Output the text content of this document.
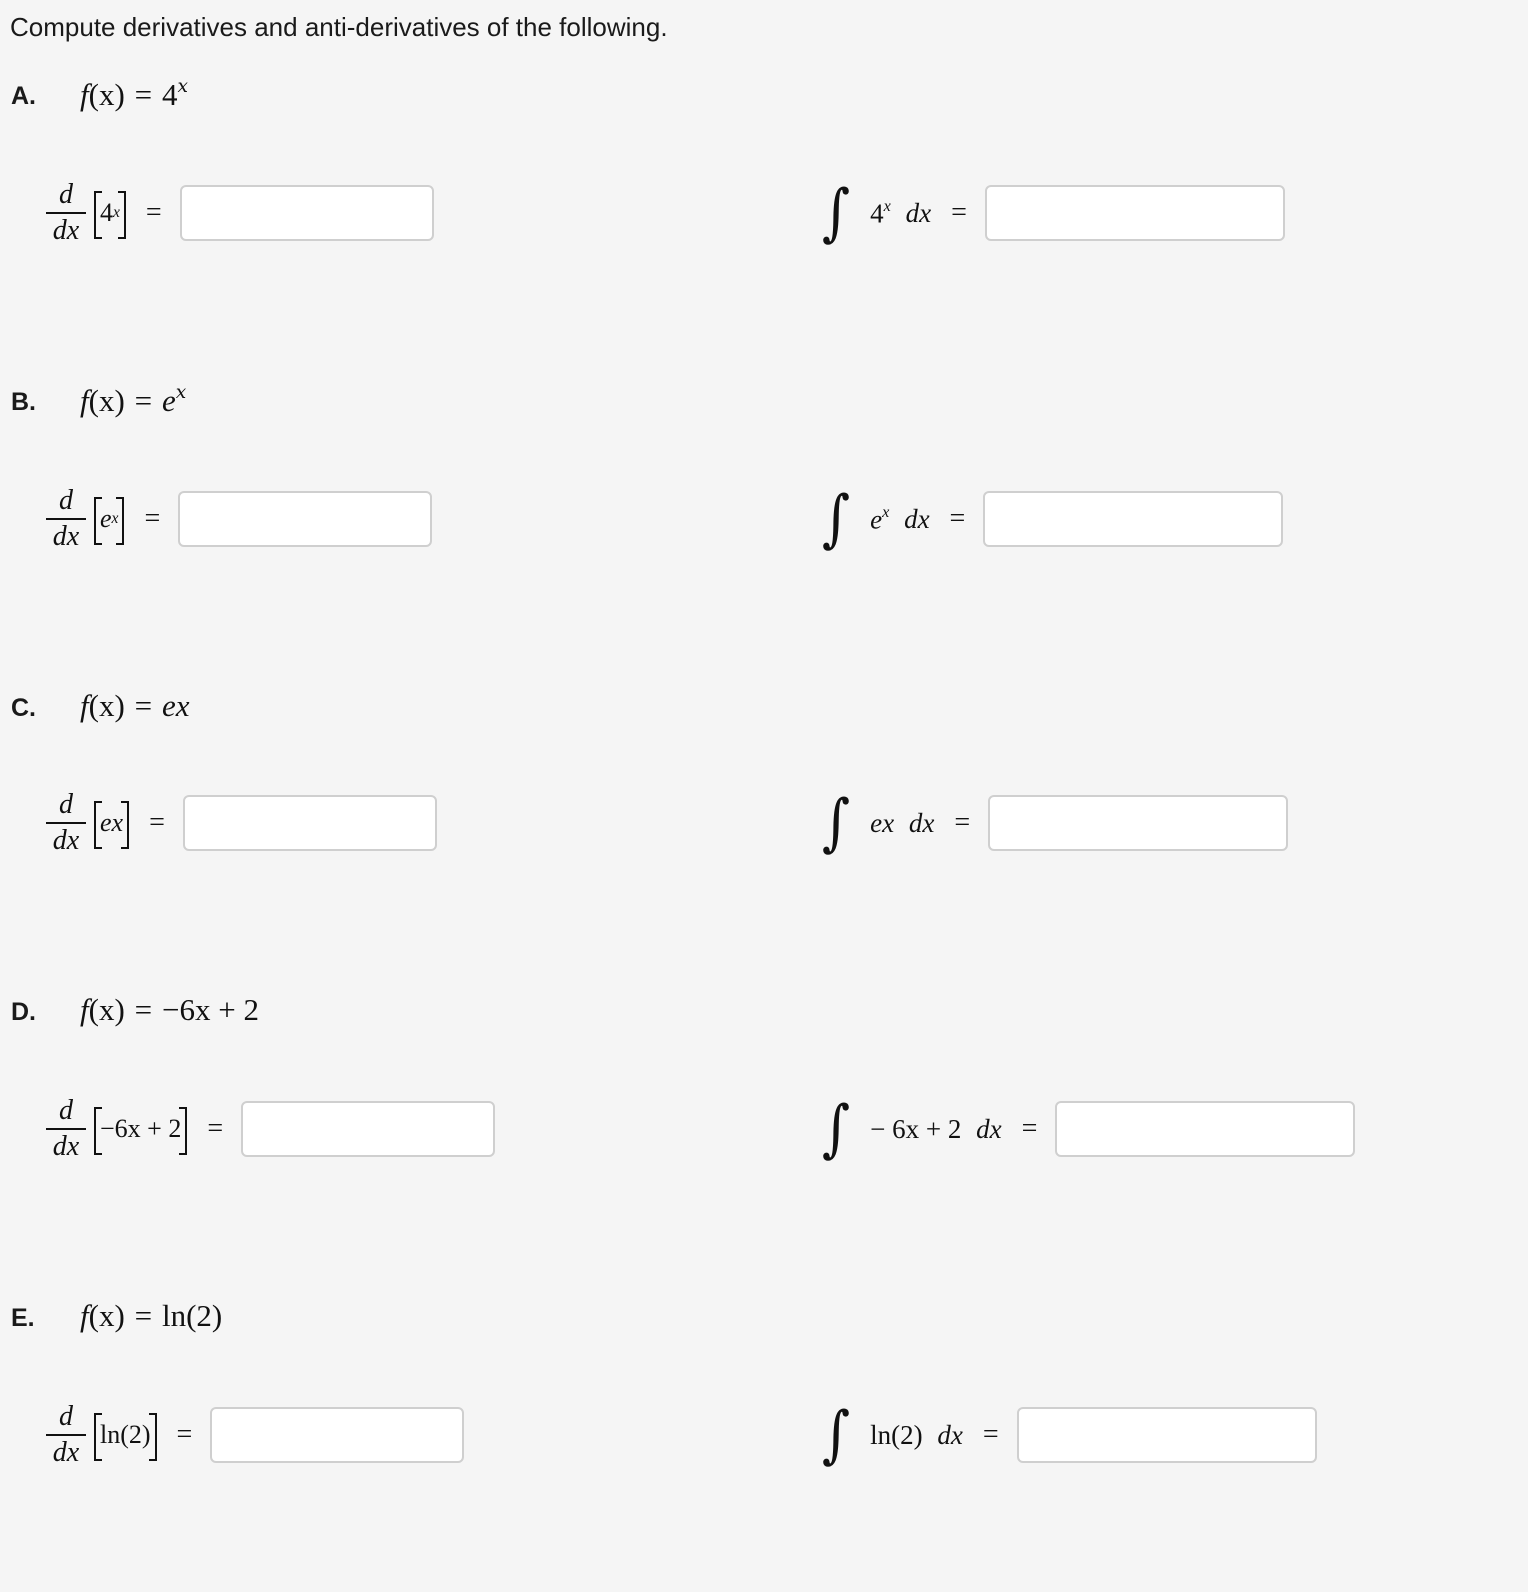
Compute derivatives and anti-derivatives of the following.
A. $f(x) = 4^x$
$\frac{d}{dx} 4$ x =	∫ 4$^x$ dx =
B. $f(x) = e^x$
$\frac{d}{dx}$ e x =	∫ $e^x$ dx =
C. f(x) = ex
$\frac{d}{dx}$ ex =	∫ ex dx =
D. f(x) = −6x + 2
$\frac{d}{dx} -6x + 2$ =	∫ − 6x + 2 dx =
E. f(x) = ln(2)
$\frac{d}{dx} \ln(2)$ =	∫ ln(2) dx =
